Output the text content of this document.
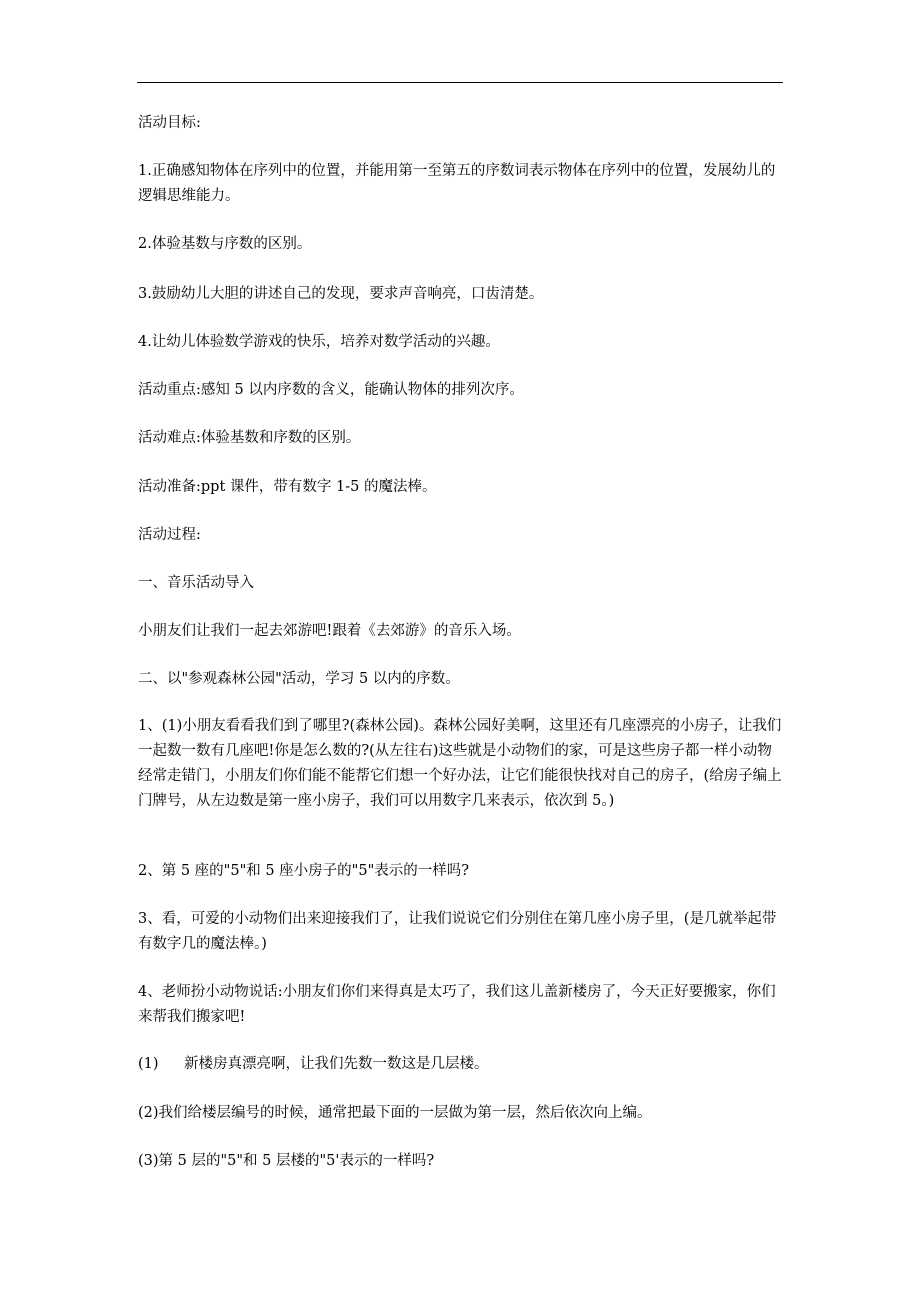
活动目标:

1.正确感知物体在序列中的位置，并能用第一至第五的序数词表示物体在序列中的位置，发展幼儿的逻辑思维能力。

2.体验基数与序数的区别。

3.鼓励幼儿大胆的讲述自己的发现，要求声音响亮，口齿清楚。

4.让幼儿体验数学游戏的快乐，培养对数学活动的兴趣。

活动重点:感知 5 以内序数的含义，能确认物体的排列次序。

活动难点:体验基数和序数的区别。

活动准备:ppt 课件，带有数字 1-5 的魔法棒。

活动过程:

一、音乐活动导入

小朋友们让我们一起去郊游吧!跟着《去郊游》的音乐入场。

二、以"参观森林公园"活动，学习 5 以内的序数。

1、(1)小朋友看看我们到了哪里?(森林公园)。森林公园好美啊，这里还有几座漂亮的小房子，让我们一起数一数有几座吧!你是怎么数的?(从左往右)这些就是小动物们的家，可是这些房子都一样小动物经常走错门，小朋友们你们能不能帮它们想一个好办法，让它们能很快找对自己的房子，(给房子编上门牌号，从左边数是第一座小房子，我们可以用数字几来表示，依次到 5。)

2、第 5 座的"5"和 5 座小房子的"5"表示的一样吗?

3、看，可爱的小动物们出来迎接我们了，让我们说说它们分别住在第几座小房子里，(是几就举起带有数字几的魔法棒。)

4、老师扮小动物说话:小朋友们你们来得真是太巧了，我们这儿盖新楼房了，今天正好要搬家，你们来帮我们搬家吧!

(1) 新楼房真漂亮啊，让我们先数一数这是几层楼。

(2)我们给楼层编号的时候，通常把最下面的一层做为第一层，然后依次向上编。

(3)第 5 层的"5"和 5 层楼的"5'表示的一样吗?
